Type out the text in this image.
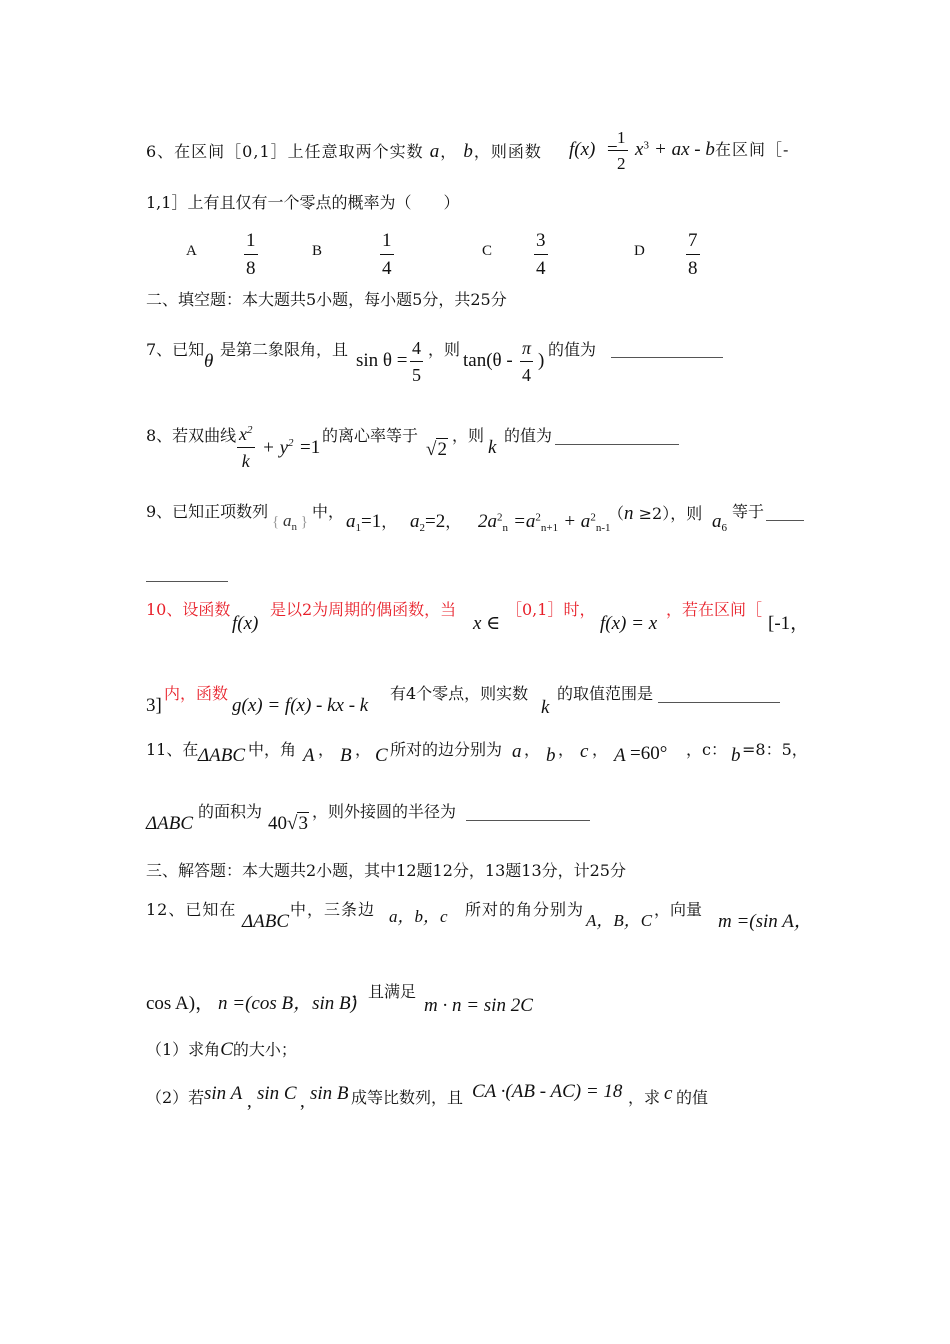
6、在区间［0,1］上任意取两个实数 a， b，则函数 f(x) =
$\frac{1}{2} x^3$ + ax - b 在区间［-
1,1］上有且仅有一个零点的概率为（　　）
A $\frac{1}{8}$	B	$\frac{1}{4}$	C $\frac{3}{4}$	D $\frac{7}{8}$
二、填空题：本大题共5小题，每小题5分，共25分
7、已知
θ
是第二象限角，且
$\sin \theta = \frac{4}{5}$ ，则
$\tan(\theta - \frac{\pi}{4}$ )
的值为
8、若双曲线 $\frac{x^2}{k} + y^2 =1$
的离心率等于
√2
，则
k
的值为
9、已知正项数列
{ $a_n$ }
中， $a_1=1$， $a_2=2$， $2a^2_n =a^2_{n+1} + a^2_{n-1}$
（n ≥2），则 $a_6$
等于
10、设函数
f(x)
是以2为周期的偶函数，当
x ∈
［0,1］时，
f(x) = x
，若在区间［
[-1，
3]
内，函数
g(x) = f(x) - kx - k
有4个零点，则实数
k
的取值范围是
11、在 ΔABC 中，角 A ， B ， C 所对的边分别为 a ， b ， c ， A =60° ，c： b =8：5，
ΔABC
的面积为
40√3
，则外接圆的半径为
三、解答题：本大题共2小题，其中12题12分，13题13分，计25分
12、已知在
ΔABC
中，三条边 a，b，c 所对的角分别为
A，B，C
，向量
m =(sin A，
cos A)， n =(cos B，sin B)
，且满足
m · n = sin 2C
（1）求角C的大小；
（2）若 sin A , sin C , sin B 成等比数列，且 CA ·(AB - AC) = 18 ，求 c 的值
